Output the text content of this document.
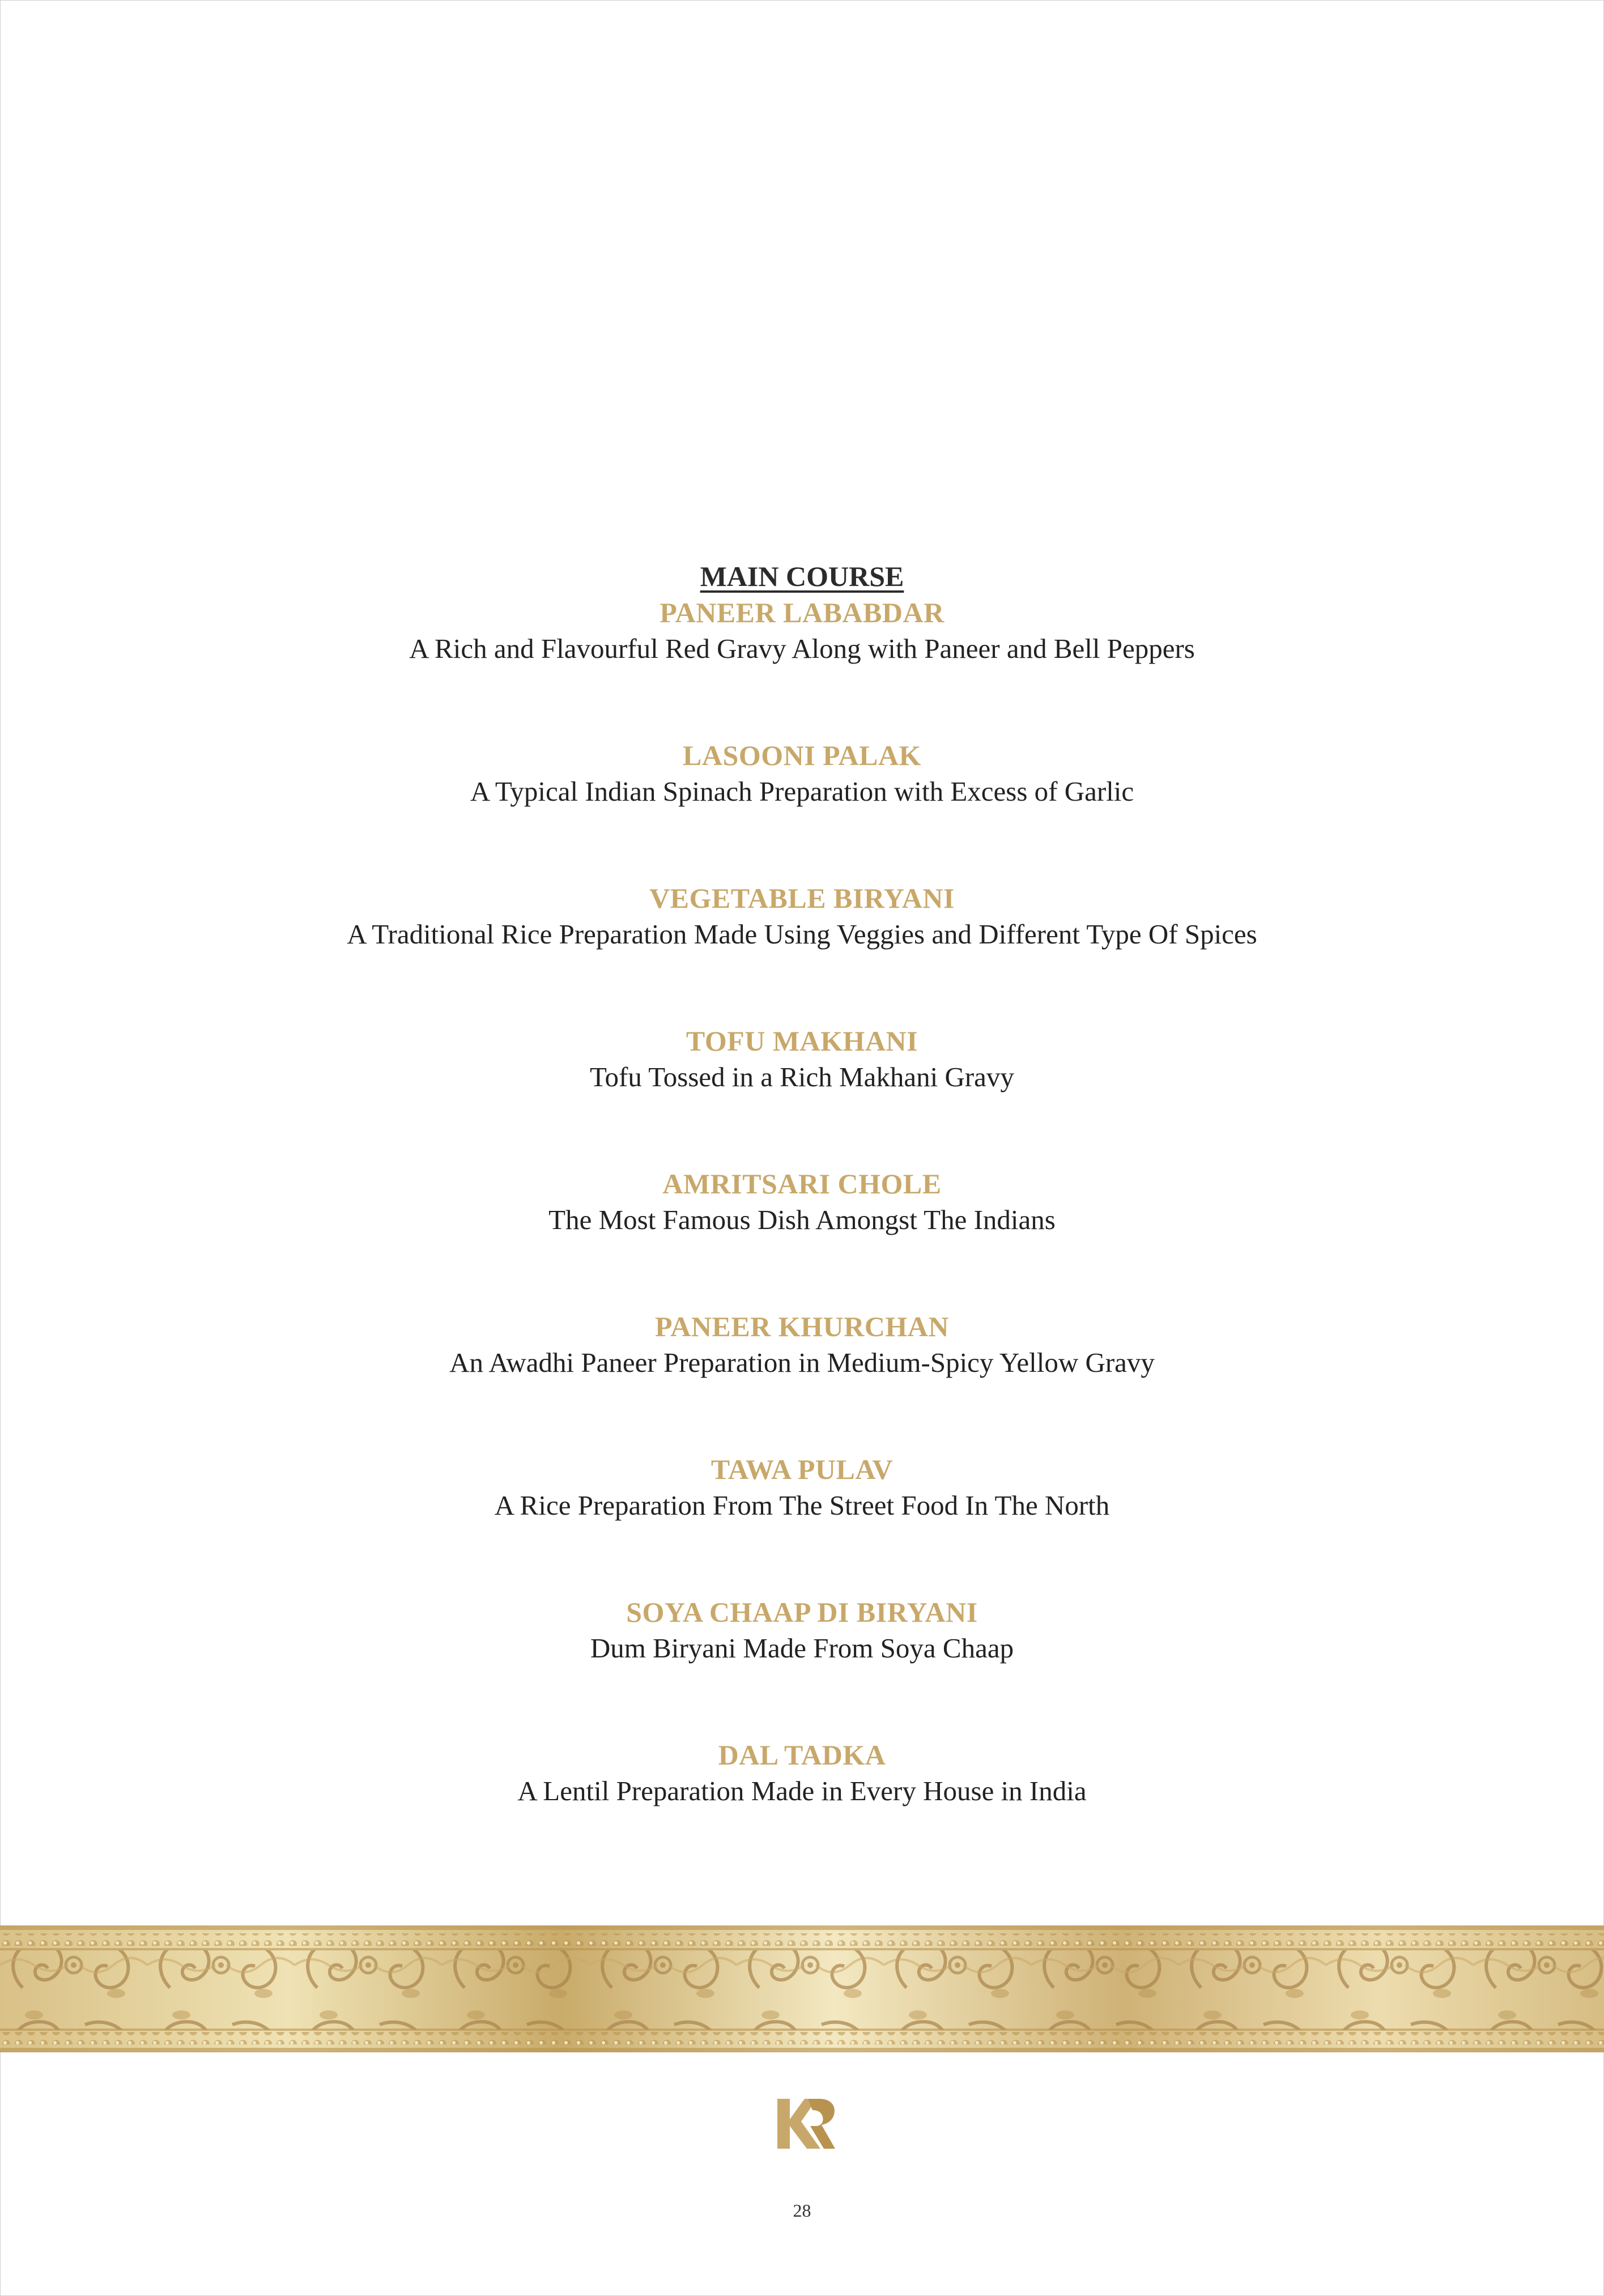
MAIN COURSE
PANEER LABABDAR
A Rich and Flavourful Red Gravy Along with Paneer and Bell Peppers
LASOONI PALAK
A Typical Indian Spinach Preparation with Excess of Garlic
VEGETABLE BIRYANI
A Traditional Rice Preparation Made Using Veggies and Different Type Of Spices
TOFU MAKHANI
Tofu Tossed in a Rich Makhani Gravy
AMRITSARI CHOLE
The Most Famous Dish Amongst The Indians
PANEER KHURCHAN
An Awadhi Paneer Preparation in Medium-Spicy Yellow Gravy
TAWA PULAV
A Rice Preparation From The Street Food In The North
SOYA CHAAP DI BIRYANI
Dum Biryani Made From Soya Chaap
DAL TADKA
A Lentil Preparation Made in Every House in India
28
